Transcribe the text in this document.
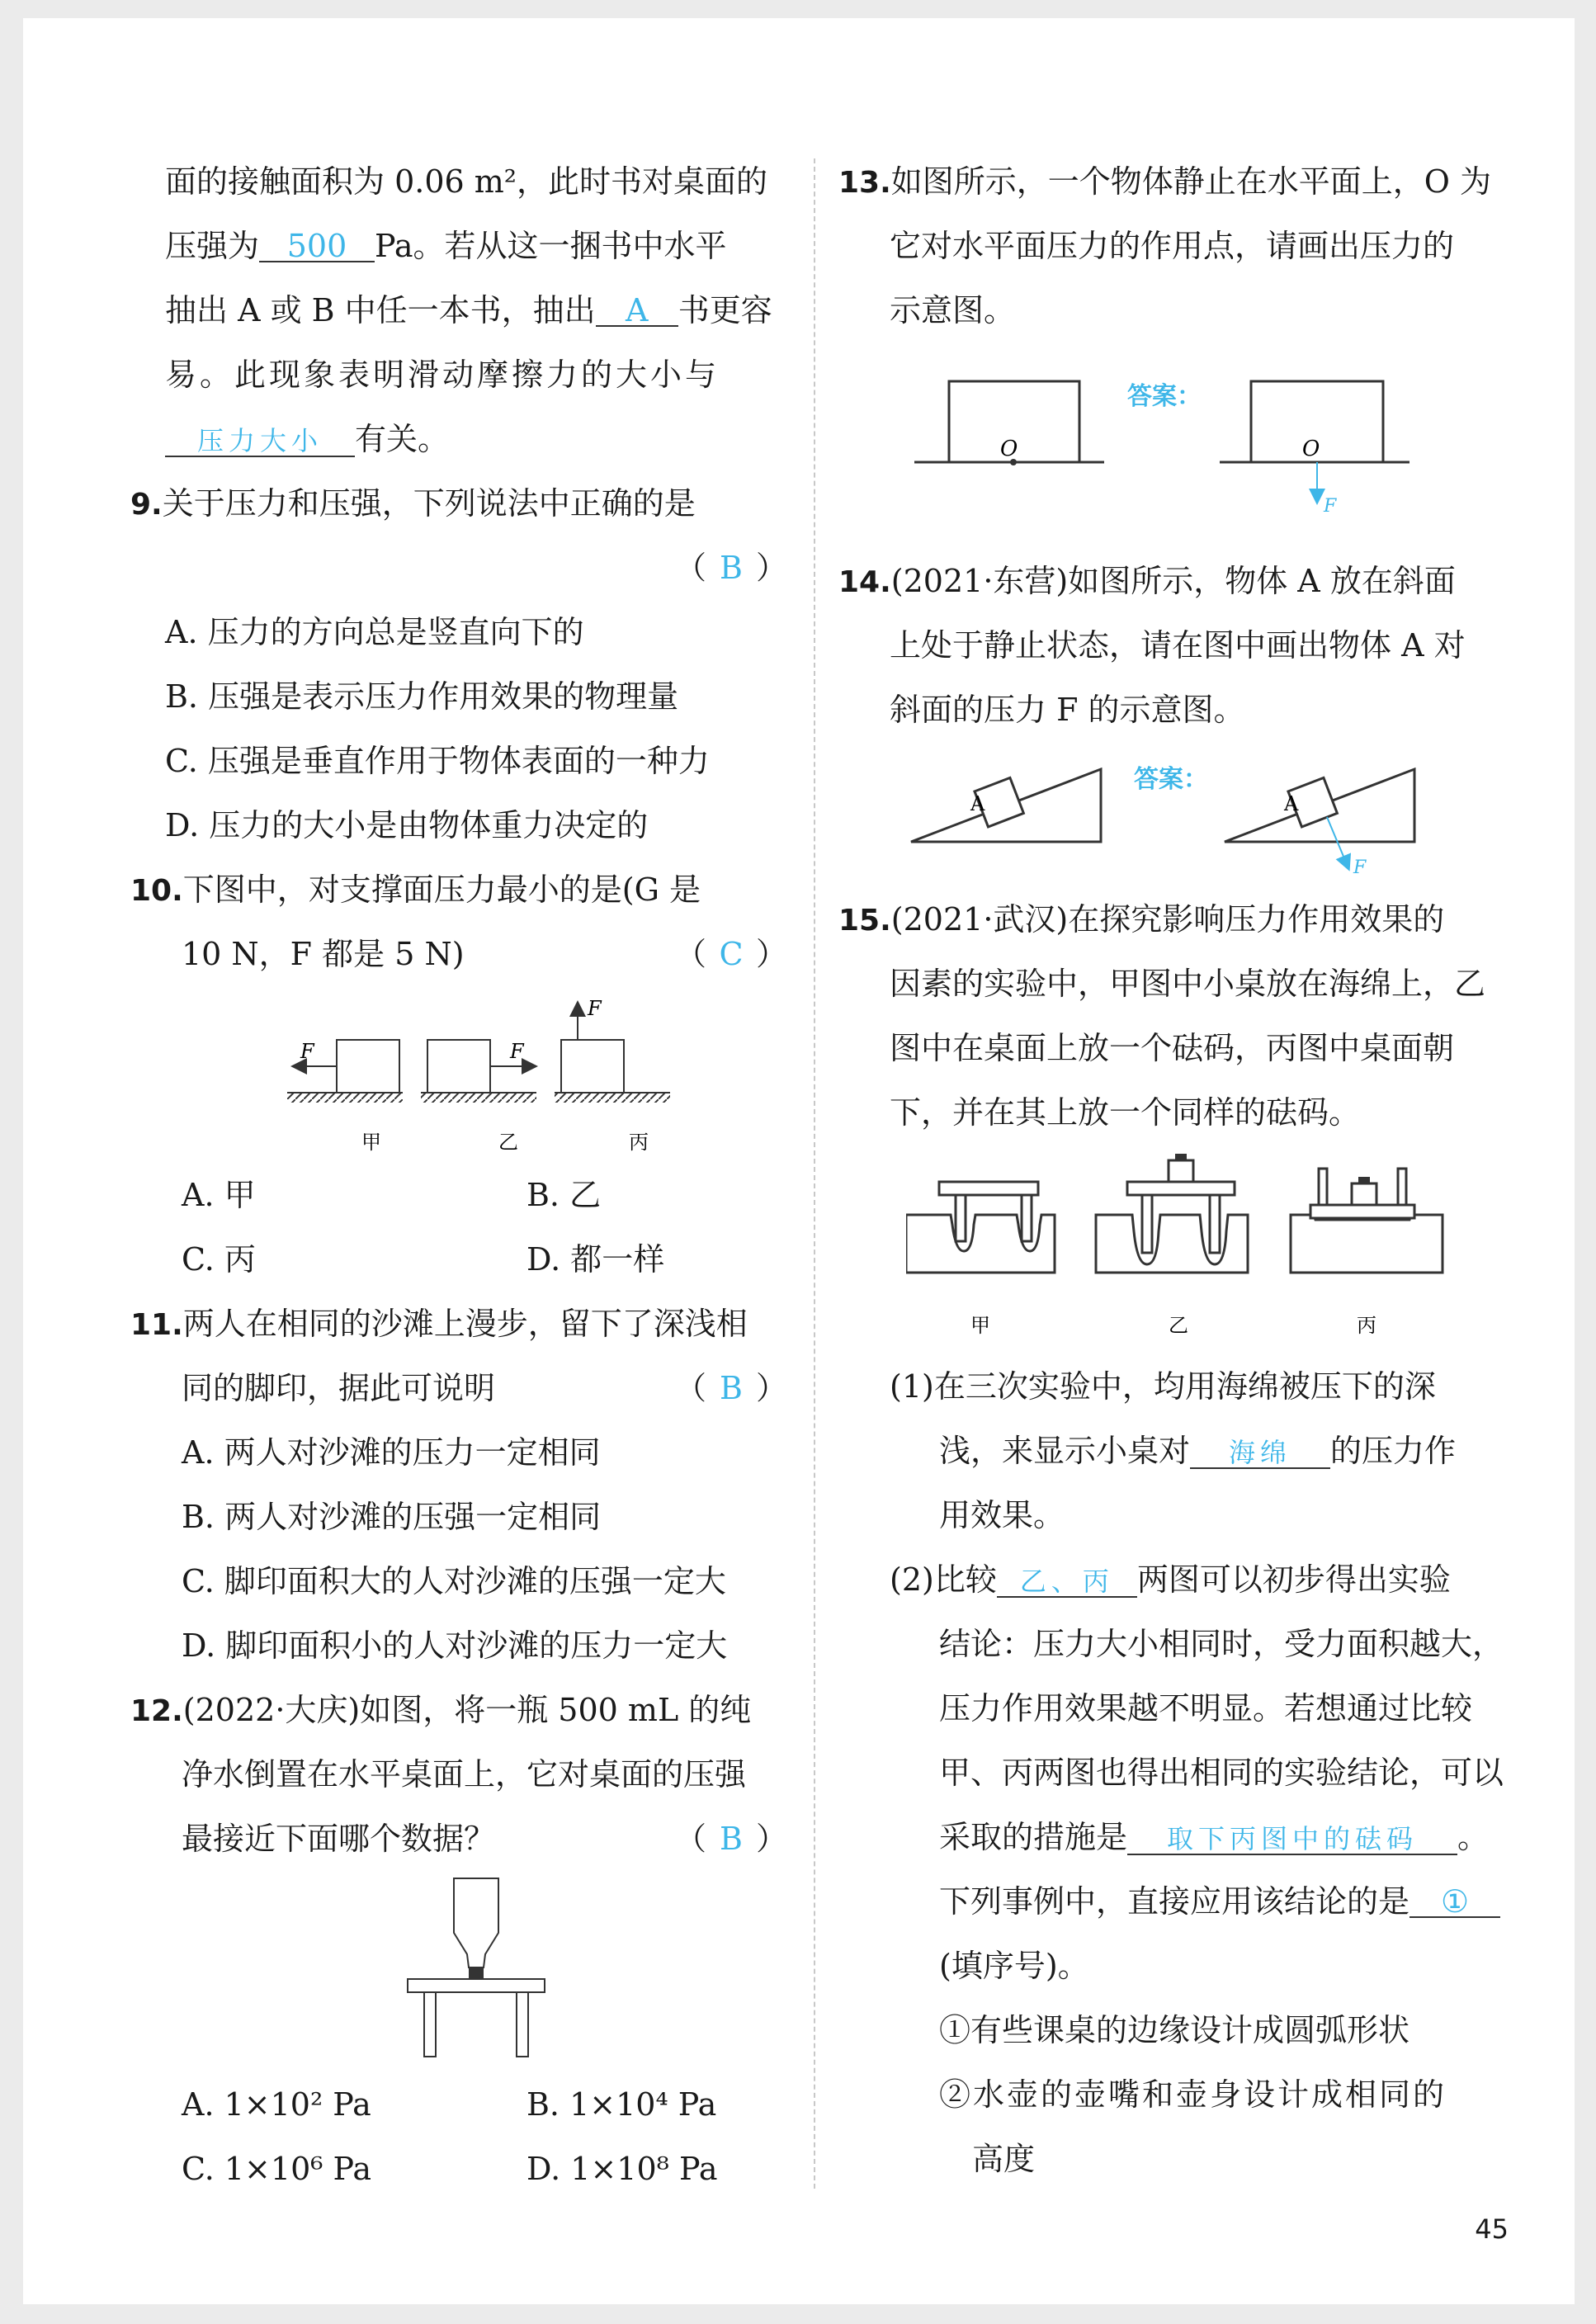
面的接触面积为 0.06 m²，此时书对桌面的
压强为 500 Pa。若从这一捆书中水平
抽出 A 或 B 中任一本书，抽出 A 书更容
易。此现象表明滑动摩擦力的大小与
压力大小 有关。
9.关于压力和压强，下列说法中正确的是
（ B ）
A. 压力的方向总是竖直向下的
B. 压强是表示压力作用效果的物理量
C. 压强是垂直作用于物体表面的一种力
D. 压力的大小是由物体重力决定的
10.下图中，对支撑面压力最小的是(G 是
10 N，F 都是 5 N)	（ C ）
F
甲
F
乙
F
丙
A. 甲	B. 乙
C. 丙	D. 都一样
11.两人在相同的沙滩上漫步，留下了深浅相
同的脚印，据此可说明	（ B ）
A. 两人对沙滩的压力一定相同
B. 两人对沙滩的压强一定相同
C. 脚印面积大的人对沙滩的压强一定大
D. 脚印面积小的人对沙滩的压力一定大
12.(2022·大庆)如图，将一瓶 500 mL 的纯
净水倒置在水平桌面上，它对桌面的压强
最接近下面哪个数据？	（ B ）
A. 1×10² Pa	B. 1×10⁴ Pa
C. 1×10⁶ Pa	D. 1×10⁸ Pa
13.如图所示，一个物体静止在水平面上，O 为
它对水平面压力的作用点，请画出压力的
示意图。
O
答案：
O
F
14.(2021·东营)如图所示，物体 A 放在斜面
上处于静止状态，请在图中画出物体 A 对
斜面的压力 F 的示意图。
A
答案：
A
F
15.(2021·武汉)在探究影响压力作用效果的
因素的实验中，甲图中小桌放在海绵上，乙
图中在桌面上放一个砝码，丙图中桌面朝
下，并在其上放一个同样的砝码。
甲	乙	丙
(1)在三次实验中，均用海绵被压下的深
浅，来显示小桌对 海绵 的压力作
用效果。
(2)比较 乙、丙 两图可以初步得出实验
结论：压力大小相同时，受力面积越大，
压力作用效果越不明显。若想通过比较
甲、丙两图也得出相同的实验结论，可以
采取的措施是 取下丙图中的砝码 。
下列事例中，直接应用该结论的是 ①
(填序号)。
①有些课桌的边缘设计成圆弧形状
②水壶的壶嘴和壶身设计成相同的
高度
45
